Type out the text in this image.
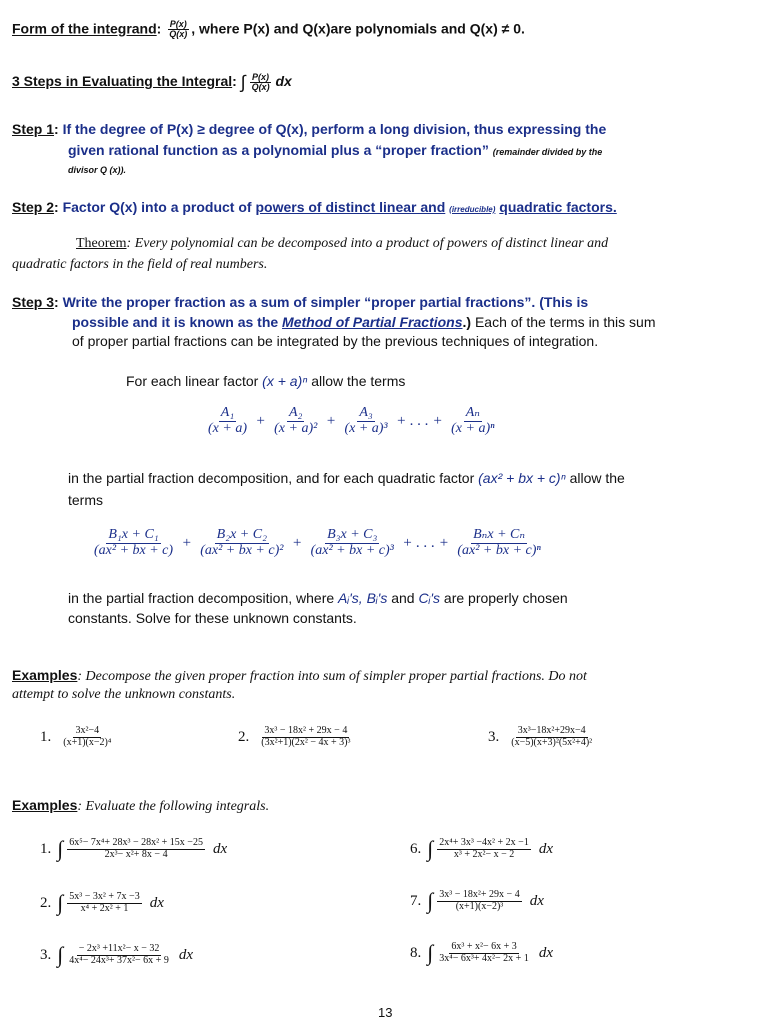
Form of the integrand: $\frac{P(x)}{Q(x)}$ , where P(x) and Q(x)are polynomials and Q(x) ≠ 0.
3 Steps in Evaluating the Integral: ∫ $\frac{P(x)}{Q(x)}$ dx
Step 1: If the degree of P(x) ≥ degree of Q(x), perform a long division, thus expressing the
given rational function as a polynomial plus a “proper fraction” (remainder divided by the
divisor Q (x)).
Step 2: Factor Q(x) into a product of powers of distinct linear and (irreducible) quadratic factors.
Theorem: Every polynomial can be decomposed into a product of powers of distinct linear and
quadratic factors in the field of real numbers.
Step 3: Write the proper fraction as a sum of simpler “proper partial fractions”. (This is
possible and it is known as the Method of Partial Fractions.) Each of the terms in this sum
of proper partial fractions can be integrated by the previous techniques of integration.
For each linear factor (x + a)ⁿ allow the terms
$\frac{\text{A₁}}{(x + a)} + \frac{\text{A₂}}{\text{(x + a)²}} + \frac{\text{A₃}}{\text{(x + a)³}}$ + . . . + $\frac{\text{Aₙ}}{\text{(x + a)ⁿ}}$
in the partial fraction decomposition, and for each quadratic factor (ax² + bx + c)ⁿ allow the
terms
$\frac{\text{B₁x + C₁}}{\text{(ax² + bx + c)}} + \frac{\text{B₂x + C₂}}{\text{(ax² + bx + c)²}} + \frac{\text{B₃x + C₃}}{\text{(ax² + bx + c)³}}$ + . . . + $\frac{\text{Bₙx + Cₙ}}{\text{(ax² + bx + c)ⁿ}}$
in the partial fraction decomposition, where Aᵢ's, Bᵢ's and Cᵢ's are properly chosen
constants. Solve for these unknown constants.
Examples: Decompose the given proper fraction into sum of simpler proper partial fractions. Do not
attempt to solve the unknown constants.
1. $\frac{\text{3x²−4}}{\text{(x+1)(x−2)⁴}}$	2. $\frac{\text{3x³ − 18x² + 29x − 4}}{\text{(3x²+1)(2x² − 4x + 3)³}}$	3. $\frac{\text{3x³−18x²+29x−4}}{\text{(x−5)(x+3)²(5x²+4)²}}$
Examples: Evaluate the following integrals.
1. ∫ $\frac{\text{6x⁵− 7x⁴+ 28x³ − 28x² + 15x −25}}{\text{2x³− x²+ 8x − 4}}$ dx
2. ∫ $\frac{\text{5x³ − 3x² + 7x −3}}{\text{x⁴ + 2x² + 1}}$ dx
3. ∫ $\frac{\text{− 2x³ +11x²− x − 32}}{\text{4x⁴− 24x³+ 37x²− 6x + 9}}$ dx
6. ∫ $\frac{\text{2x⁴+ 3x³ −4x² + 2x −1}}{\text{x³ + 2x²− x − 2}}$ dx
7. ∫ $\frac{\text{3x³ − 18x²+ 29x − 4}}{\text{(x+1)(x−2)³}}$ dx
8. ∫ $\frac{\text{6x³ + x²− 6x + 3}}{\text{3x⁴− 6x³+ 4x²− 2x + 1}}$ dx
13
